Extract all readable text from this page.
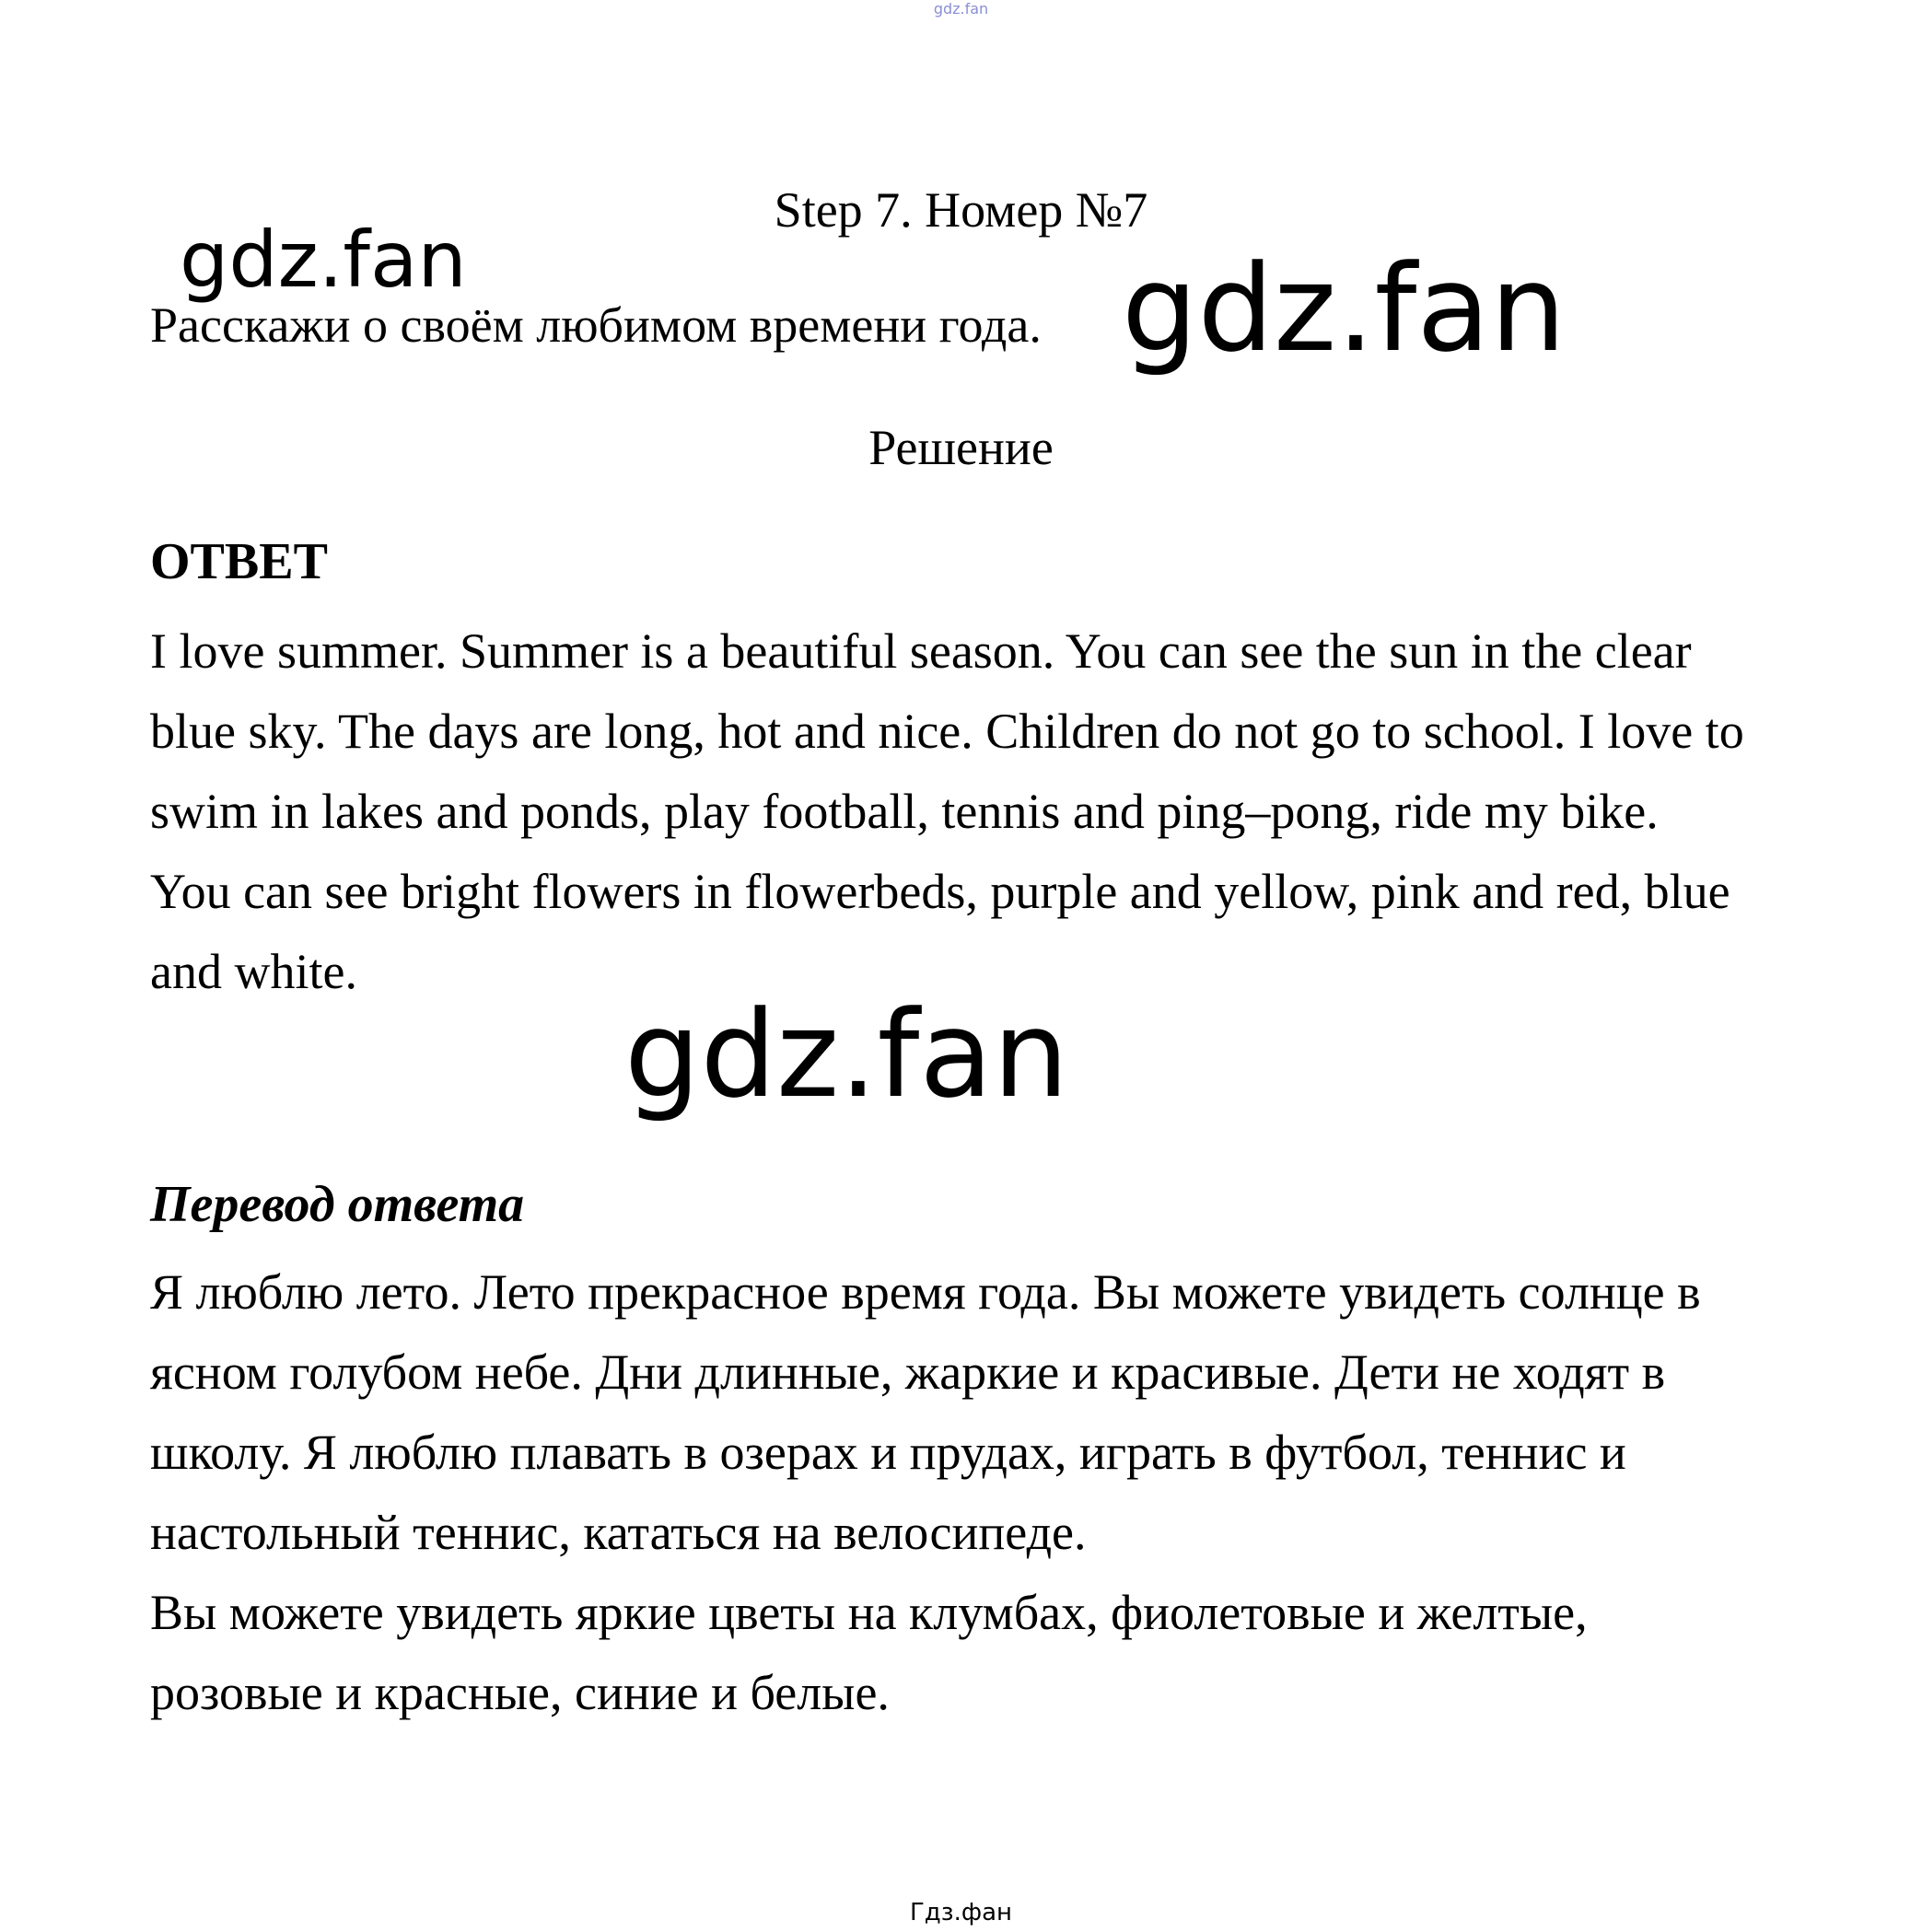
gdz.fan
Step 7. Номер №7
Расскажи о своём любимом времени года.
Решение
ОТВЕТ

I love summer. Summer is a beautiful season. You can see the sun in the clear blue sky. The days are long, hot and nice. Children do not go to school. I love to swim in lakes and ponds, play football, tennis and ping–pong, ride my bike.

You can see bright flowers in flowerbeds, purple and yellow, pink and red, blue and white.

Перевод ответа

Я люблю лето. Лето прекрасное время года. Вы можете увидеть солнце в ясном голубом небе. Дни длинные, жаркие и красивые. Дети не ходят в школу. Я люблю плавать в озерах и прудах, играть в футбол, теннис и настольный теннис, кататься на велосипеде.

Вы можете увидеть яркие цветы на клумбах, фиолетовые и желтые, розовые и красные, синие и белые.

gdz.fan	gdz.fan
gdz.fan
Гдз.фан
